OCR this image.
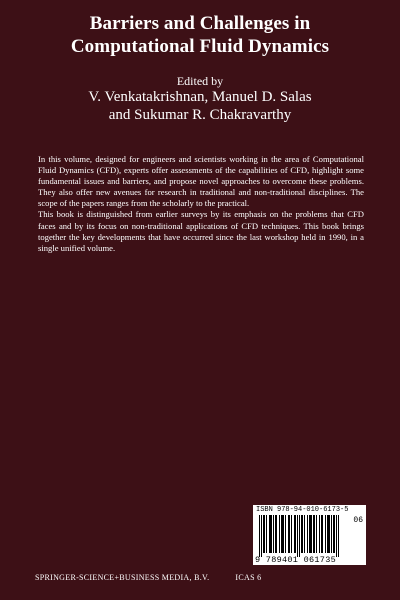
Barriers and Challenges in
Computational Fluid Dynamics
Edited by
V. Venkatakrishnan, Manuel D. Salas
and Sukumar R. Chakravarthy

In this volume, designed for engineers and scientists working in the area of Computational Fluid Dynamics (CFD), experts offer assessments of the capabilities of CFD, highlight some fundamental issues and barriers, and propose novel approaches to overcome these problems. They also offer new avenues for research in traditional and non-traditional disciplines. The scope of the papers ranges from the scholarly to the practical.

This book is distinguished from earlier surveys by its emphasis on the problems that CFD faces and by its focus on non-traditional applications of CFD techniques. This book brings together the key developments that have occurred since the last workshop held in 1990, in a single unified volume.

ISBN 978-94-010-6173-5
06
9 789401 061735
SPRINGER-SCIENCE+BUSINESS MEDIA, B.V.	ICAS 6
